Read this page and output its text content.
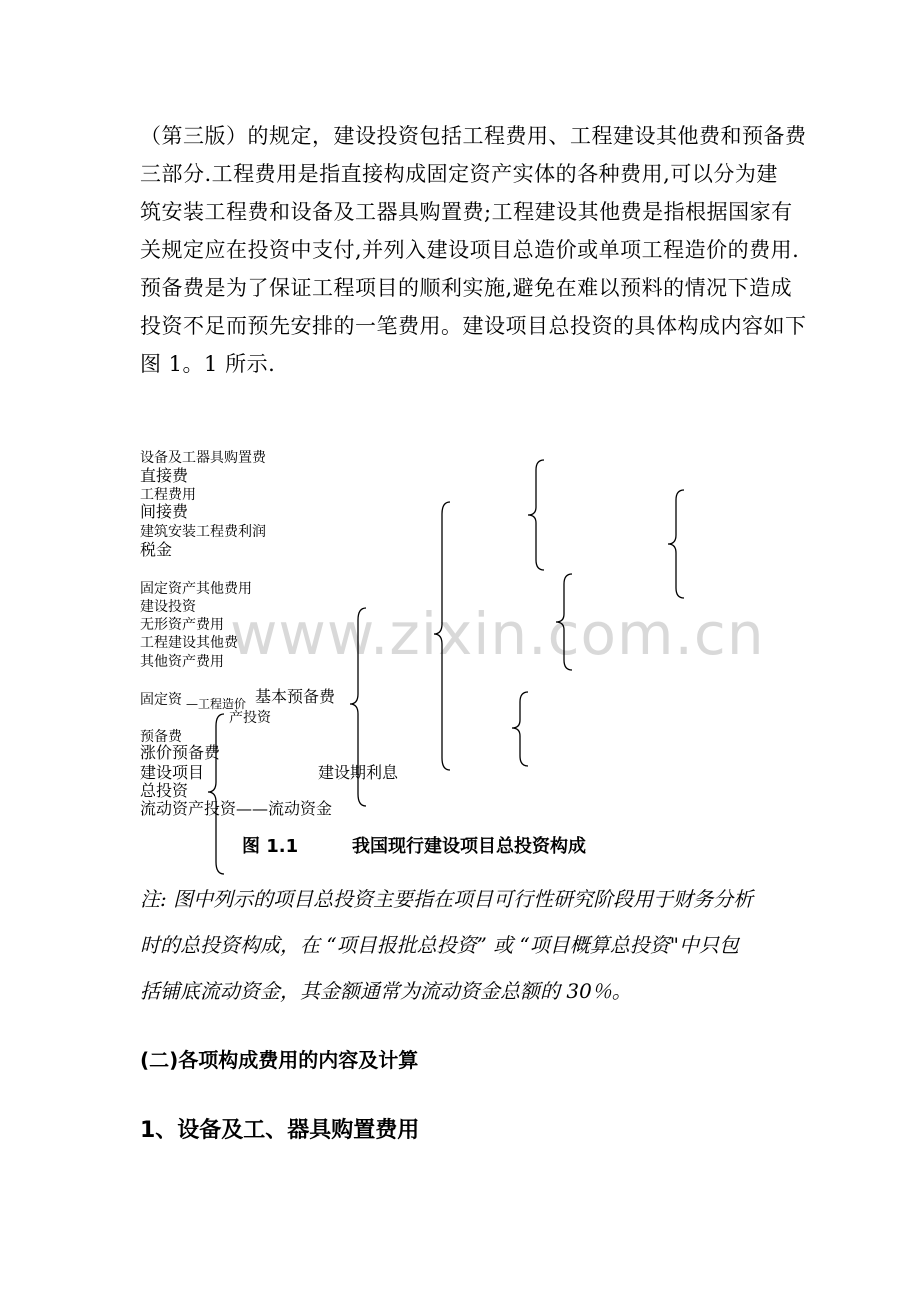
（第三版）的规定，建设投资包括工程费用、工程建设其他费和预备费
三部分.工程费用是指直接构成固定资产实体的各种费用,可以分为建
筑安装工程费和设备及工器具购置费;工程建设其他费是指根据国家有
关规定应在投资中支付,并列入建设项目总造价或单项工程造价的费用.
预备费是为了保证工程项目的顺利实施,避免在难以预料的情况下造成
投资不足而预先安排的一笔费用。建设项目总投资的具体构成内容如下
图 1。1 所示.
www.zixin.com.cn
设备及工器具购置费
直接费
工程费用
间接费
建筑安装工程费利润
税金
固定资产其他费用
建设投资
无形资产费用
工程建设其他费
其他资产费用
固定资 —工程造价 基本预备费
产投资
预备费
涨价预备费
建设项目
总投资
流动资产投资——流动资金
建设期利息
图 1.1	我国现行建设项目总投资构成
注: 图中列示的项目总投资主要指在项目可行性研究阶段用于财务分析
时的总投资构成，在 “项目报批总投资” 或 “项目概算总投资"中只包
括铺底流动资金，其金额通常为流动资金总额的 30％。
(二)各项构成费用的内容及计算
1、设备及工、器具购置费用
